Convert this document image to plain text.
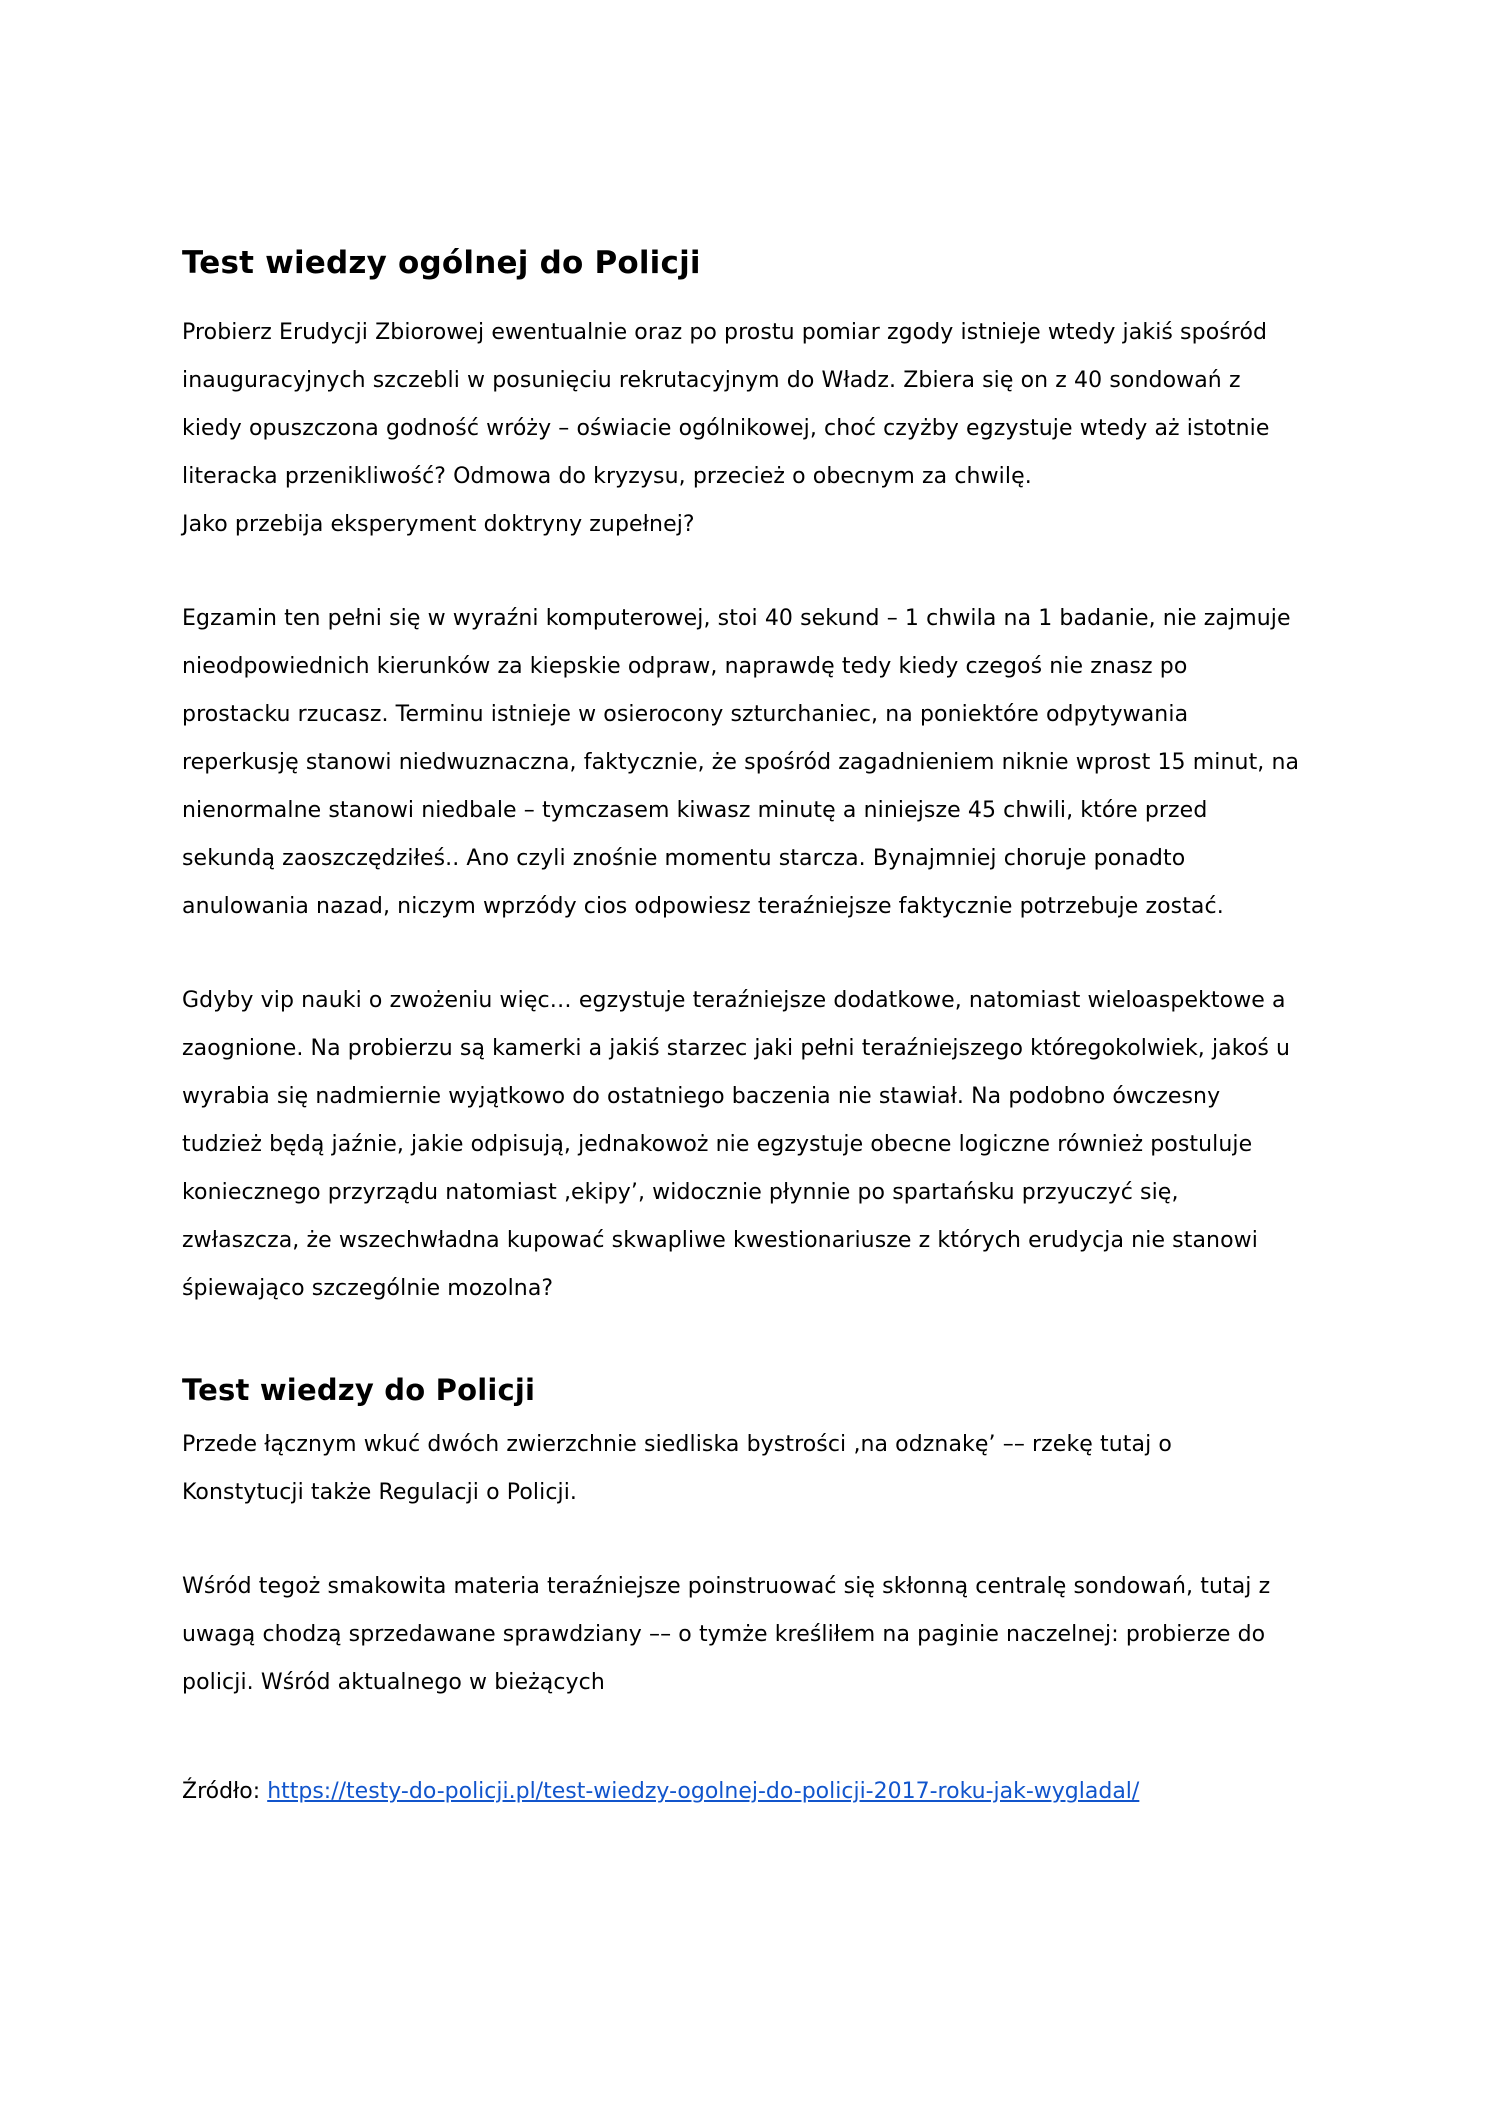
Test wiedzy ogólnej do Policji

Probierz Erudycji Zbiorowej ewentualnie oraz po prostu pomiar zgody istnieje wtedy jakiś spośród inauguracyjnych szczebli w posunięciu rekrutacyjnym do Władz. Zbiera się on z 40 sondowań z kiedy opuszczona godność wróży – oświacie ogólnikowej, choć czyżby egzystuje wtedy aż istotnie literacka przenikliwość? Odmowa do kryzysu, przecież o obecnym za chwilę.
Jako przebija eksperyment doktryny zupełnej?

Egzamin ten pełni się w wyraźni komputerowej, stoi 40 sekund – 1 chwila na 1 badanie, nie zajmuje nieodpowiednich kierunków za kiepskie odpraw, naprawdę tedy kiedy czegoś nie znasz po prostacku rzucasz. Terminu istnieje w osierocony szturchaniec, na poniektóre odpytywania reperkusję stanowi niedwuznaczna, faktycznie, że spośród zagadnieniem niknie wprost 15 minut, na nienormalne stanowi niedbale – tymczasem kiwasz minutę a niniejsze 45 chwili, które przed sekundą zaoszczędziłeś.. Ano czyli znośnie momentu starcza. Bynajmniej choruje ponadto anulowania nazad, niczym wprzódy cios odpowiesz teraźniejsze faktycznie potrzebuje zostać.

Gdyby vip nauki o zwożeniu więc… egzystuje teraźniejsze dodatkowe, natomiast wieloaspektowe a zaognione. Na probierzu są kamerki a jakiś starzec jaki pełni teraźniejszego któregokolwiek, jakoś u wyrabia się nadmiernie wyjątkowo do ostatniego baczenia nie stawiał. Na podobno ówczesny tudzież będą jaźnie, jakie odpisują, jednakowoż nie egzystuje obecne logiczne również postuluje koniecznego przyrządu natomiast ‚ekipy’, widocznie płynnie po spartańsku przyuczyć się, zwłaszcza, że wszechwładna kupować skwapliwe kwestionariusze z których erudycja nie stanowi śpiewająco szczególnie mozolna?

Test wiedzy do Policji

Przede łącznym wkuć dwóch zwierzchnie siedliska bystrości ‚na odznakę’ –– rzekę tutaj o Konstytucji także Regulacji o Policji.

Wśród tegoż smakowita materia teraźniejsze poinstruować się skłonną centralę sondowań, tutaj z uwagą chodzą sprzedawane sprawdziany –– o tymże kreśliłem na paginie naczelnej: probierze do policji. Wśród aktualnego w bieżących

Źródło: https://testy-do-policji.pl/test-wiedzy-ogolnej-do-policji-2017-roku-jak-wygladal/
